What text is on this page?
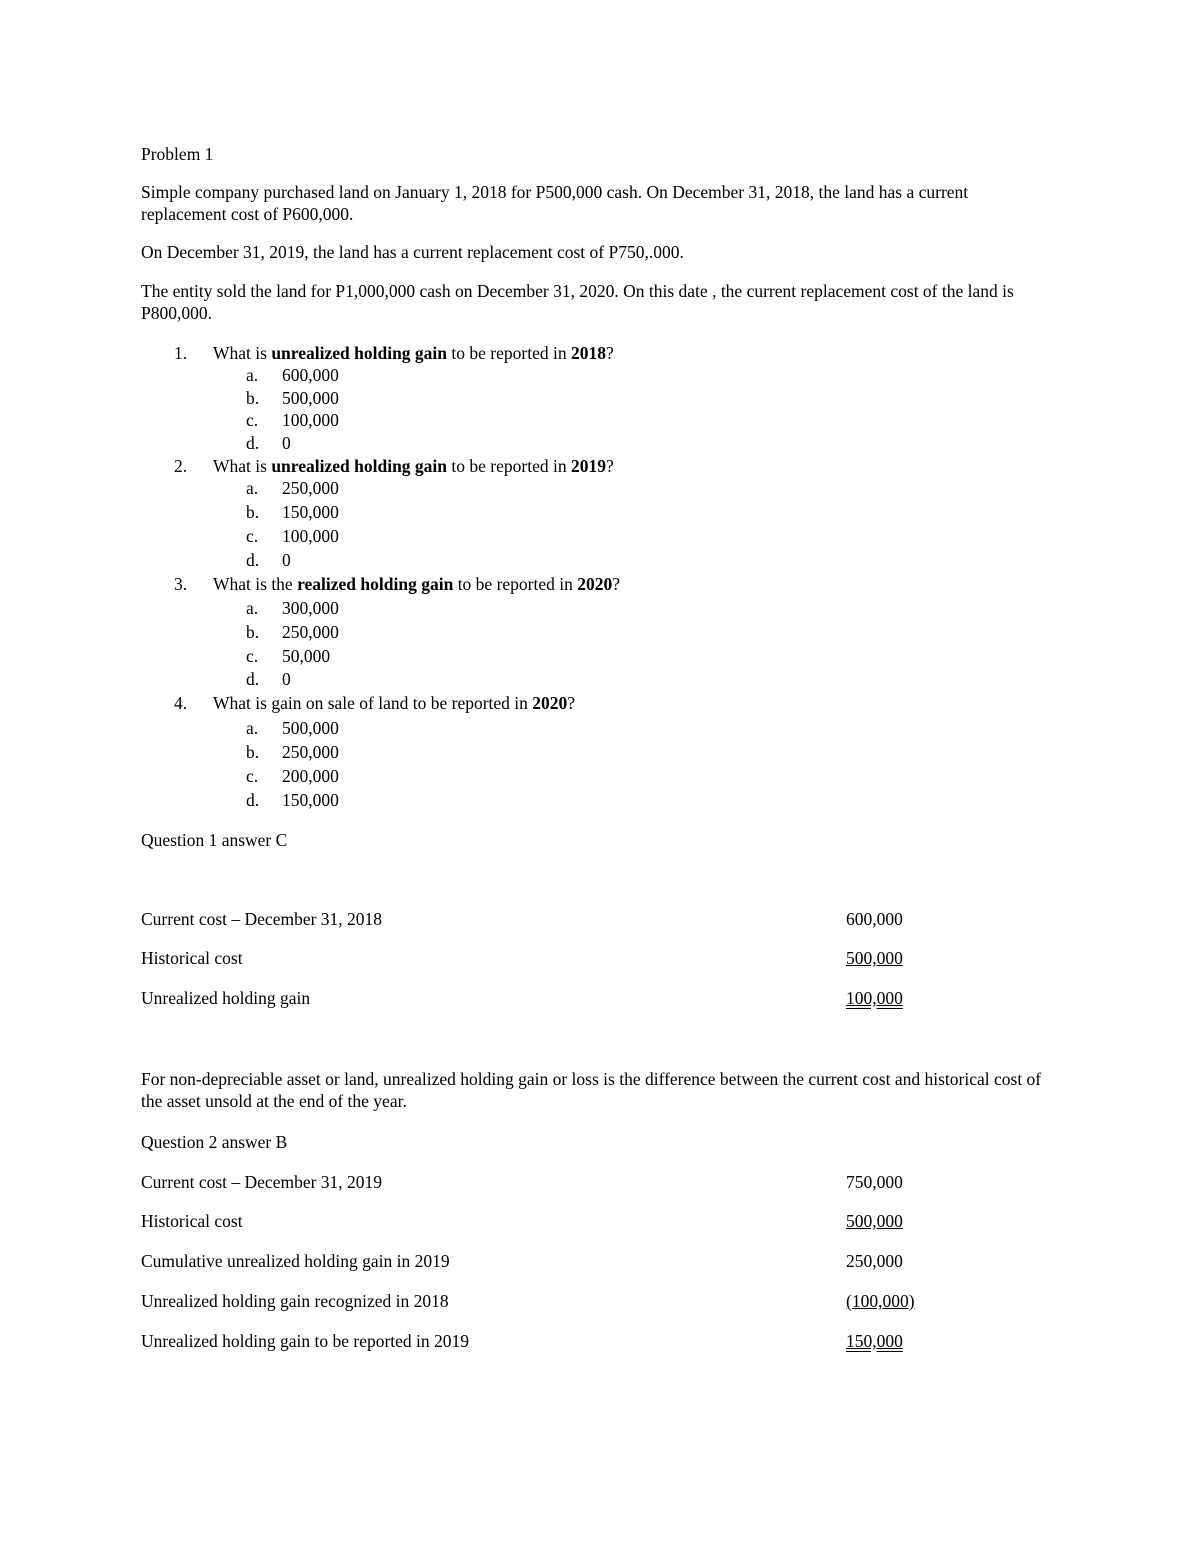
Problem 1
Simple company purchased land on January 1, 2018 for P500,000 cash. On December 31, 2018, the land has a current replacement cost of P600,000.
On December 31, 2019, the land has a current replacement cost of P750,.000.
The entity sold the land for P1,000,000 cash on December 31, 2020. On this date , the current replacement cost of the land is P800,000.
1. What is unrealized holding gain to be reported in 2018?
a. 600,000
b. 500,000
c. 100,000
d. 0
2. What is unrealized holding gain to be reported in 2019?
a. 250,000
b. 150,000
c. 100,000
d. 0
3. What is the realized holding gain to be reported in 2020?
a. 300,000
b. 250,000
c. 50,000
d. 0
4. What is gain on sale of land to be reported in 2020?
a. 500,000
b. 250,000
c. 200,000
d. 150,000
Question 1 answer C
Current cost – December 31, 2018	600,000
Historical cost	500,000
Unrealized holding gain	100,000
For non-depreciable asset or land, unrealized holding gain or loss is the difference between the current cost and historical cost of the asset unsold at the end of the year.
Question 2 answer B
Current cost – December 31, 2019	750,000
Historical cost	500,000
Cumulative unrealized holding gain in 2019	250,000
Unrealized holding gain recognized in 2018	(100,000)
Unrealized holding gain to be reported in 2019	150,000
